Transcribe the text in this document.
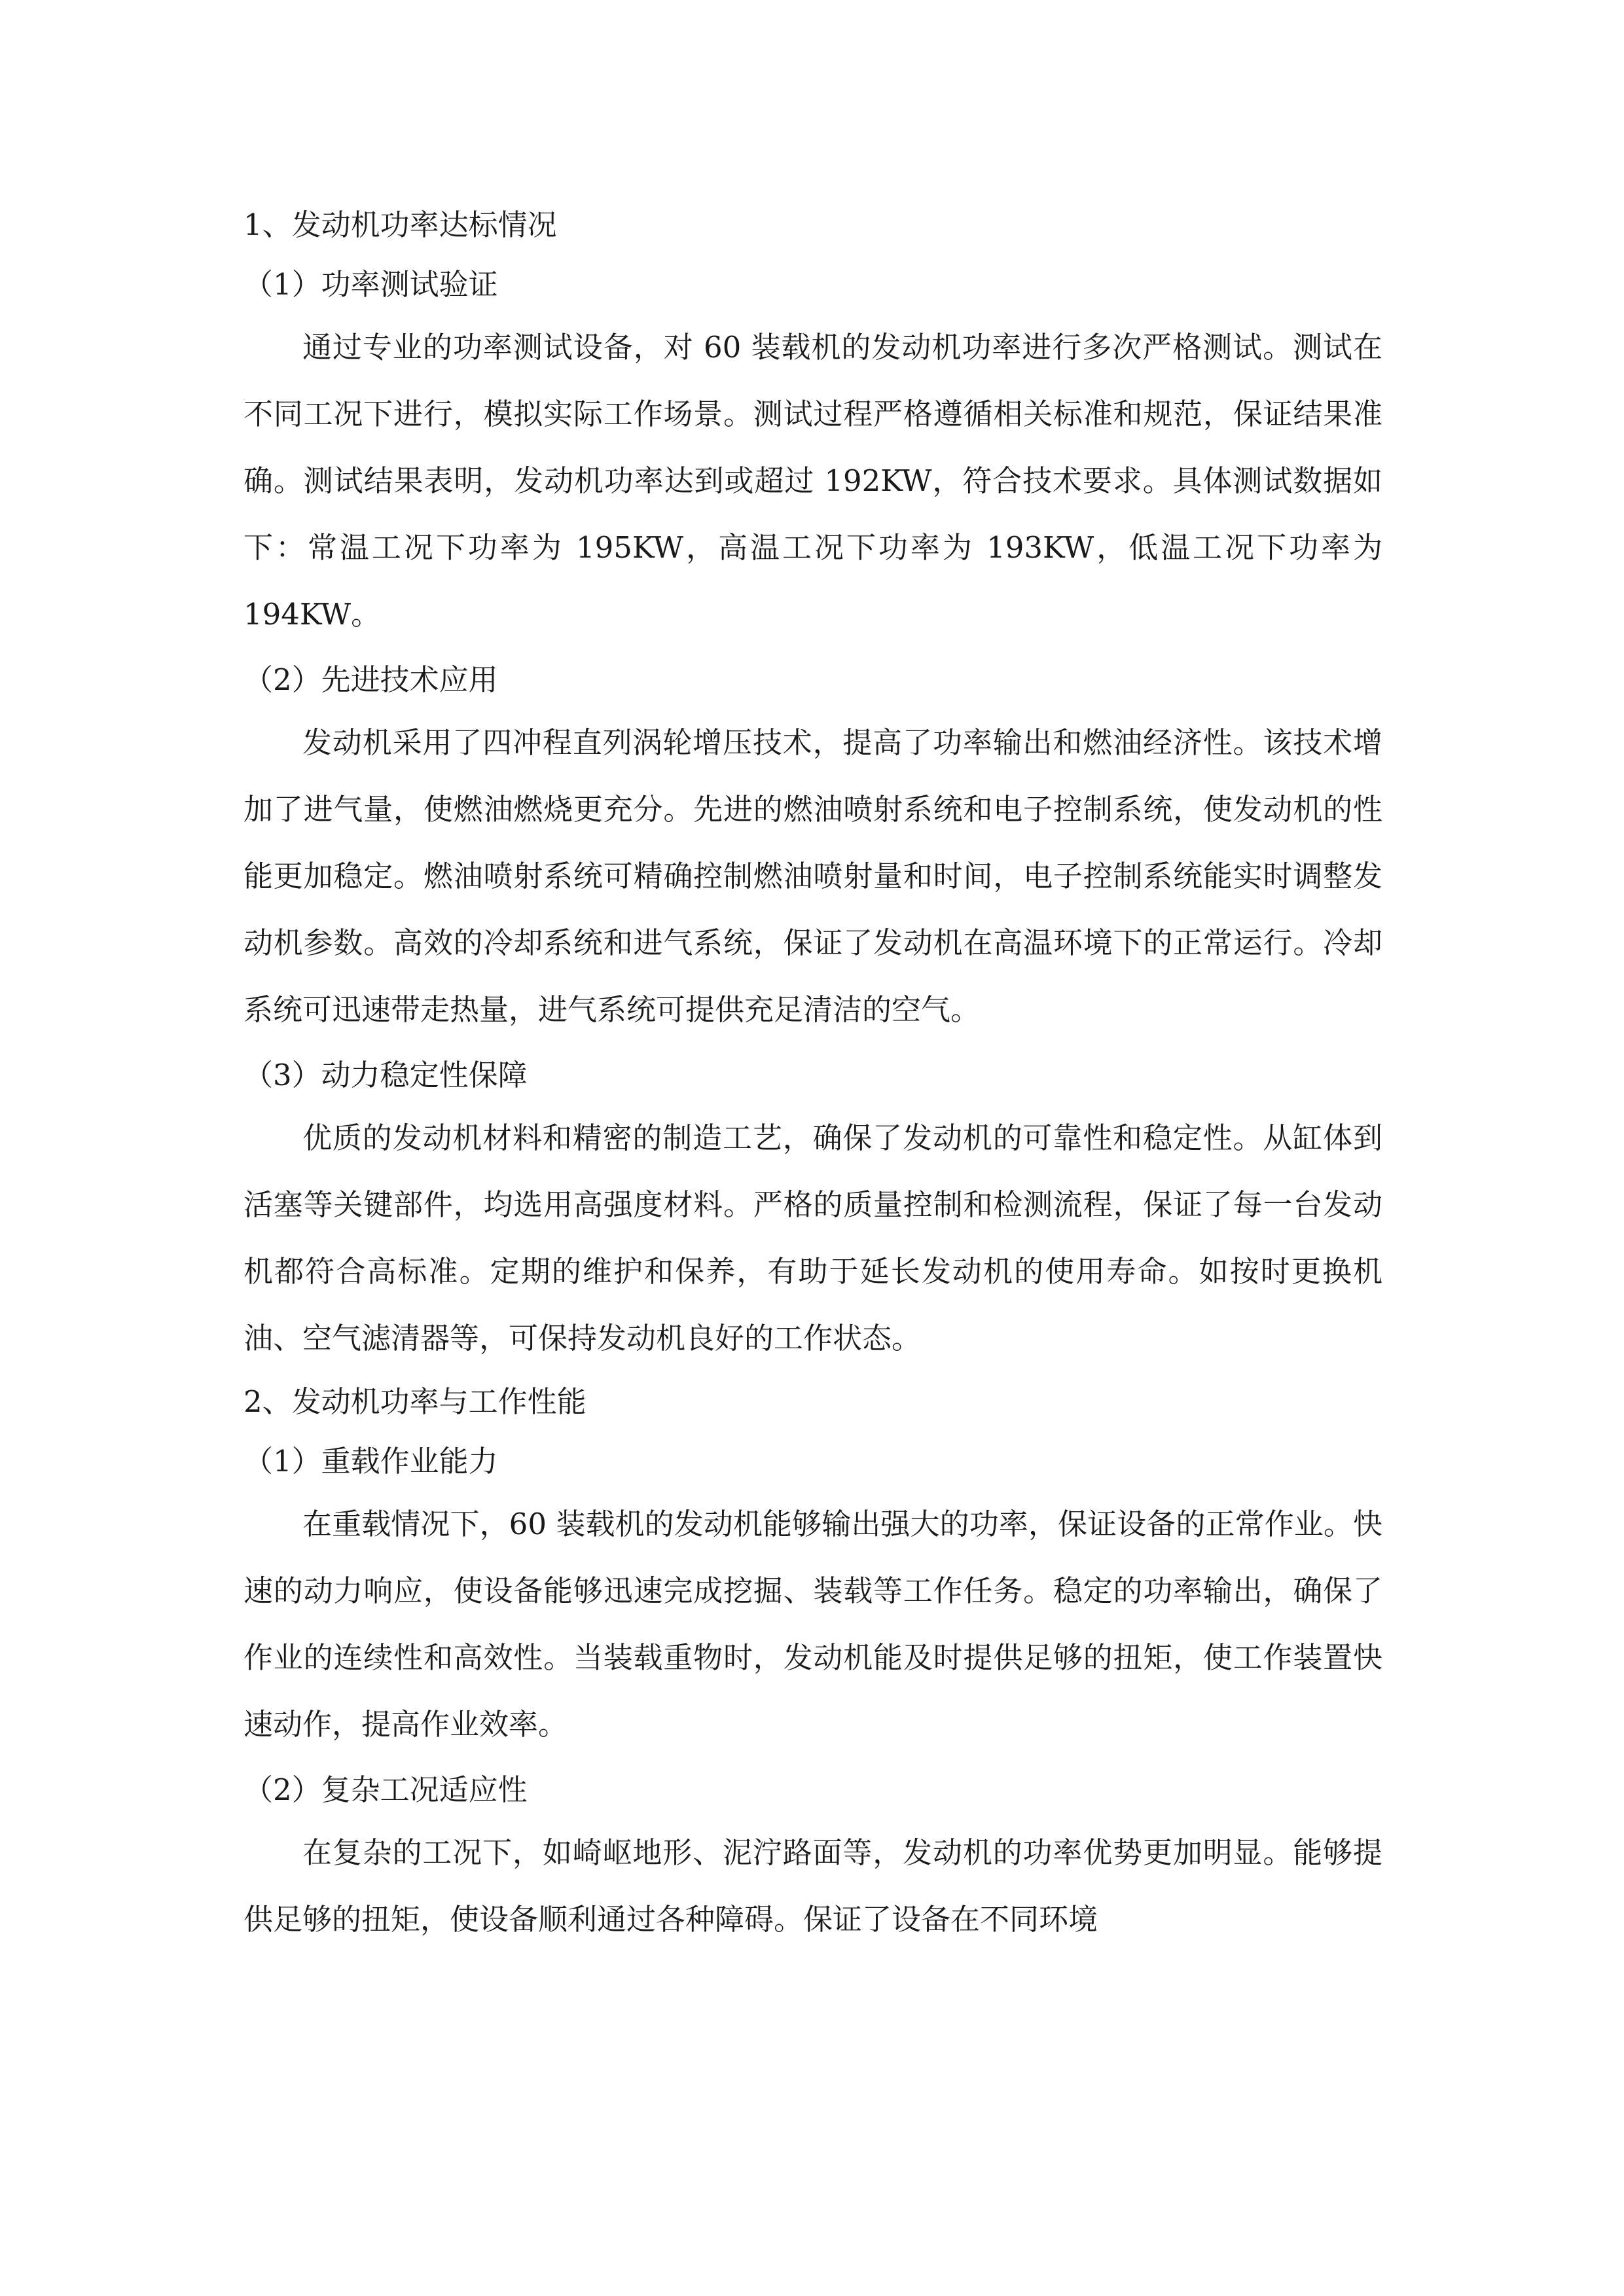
1、发动机功率达标情况
（1）功率测试验证

通过专业的功率测试设备，对 60 装载机的发动机功率进行多次严格测试。测试在不同工况下进行，模拟实际工作场景。测试过程严格遵循相关标准和规范，保证结果准确。测试结果表明，发动机功率达到或超过 192KW，符合技术要求。具体测试数据如下：常温工况下功率为 195KW，高温工况下功率为 193KW，低温工况下功率为 194KW。

（2）先进技术应用

发动机采用了四冲程直列涡轮增压技术，提高了功率输出和燃油经济性。该技术增加了进气量，使燃油燃烧更充分。先进的燃油喷射系统和电子控制系统，使发动机的性能更加稳定。燃油喷射系统可精确控制燃油喷射量和时间，电子控制系统能实时调整发动机参数。高效的冷却系统和进气系统，保证了发动机在高温环境下的正常运行。冷却系统可迅速带走热量，进气系统可提供充足清洁的空气。

（3）动力稳定性保障

优质的发动机材料和精密的制造工艺，确保了发动机的可靠性和稳定性。从缸体到活塞等关键部件，均选用高强度材料。严格的质量控制和检测流程，保证了每一台发动机都符合高标准。定期的维护和保养，有助于延长发动机的使用寿命。如按时更换机油、空气滤清器等，可保持发动机良好的工作状态。

2、发动机功率与工作性能
（1）重载作业能力

在重载情况下，60 装载机的发动机能够输出强大的功率，保证设备的正常作业。快速的动力响应，使设备能够迅速完成挖掘、装载等工作任务。稳定的功率输出，确保了作业的连续性和高效性。当装载重物时，发动机能及时提供足够的扭矩，使工作装置快速动作，提高作业效率。

（2）复杂工况适应性

在复杂的工况下，如崎岖地形、泥泞路面等，发动机的功率优势更加明显。能够提供足够的扭矩，使设备顺利通过各种障碍。保证了设备在不同环境
